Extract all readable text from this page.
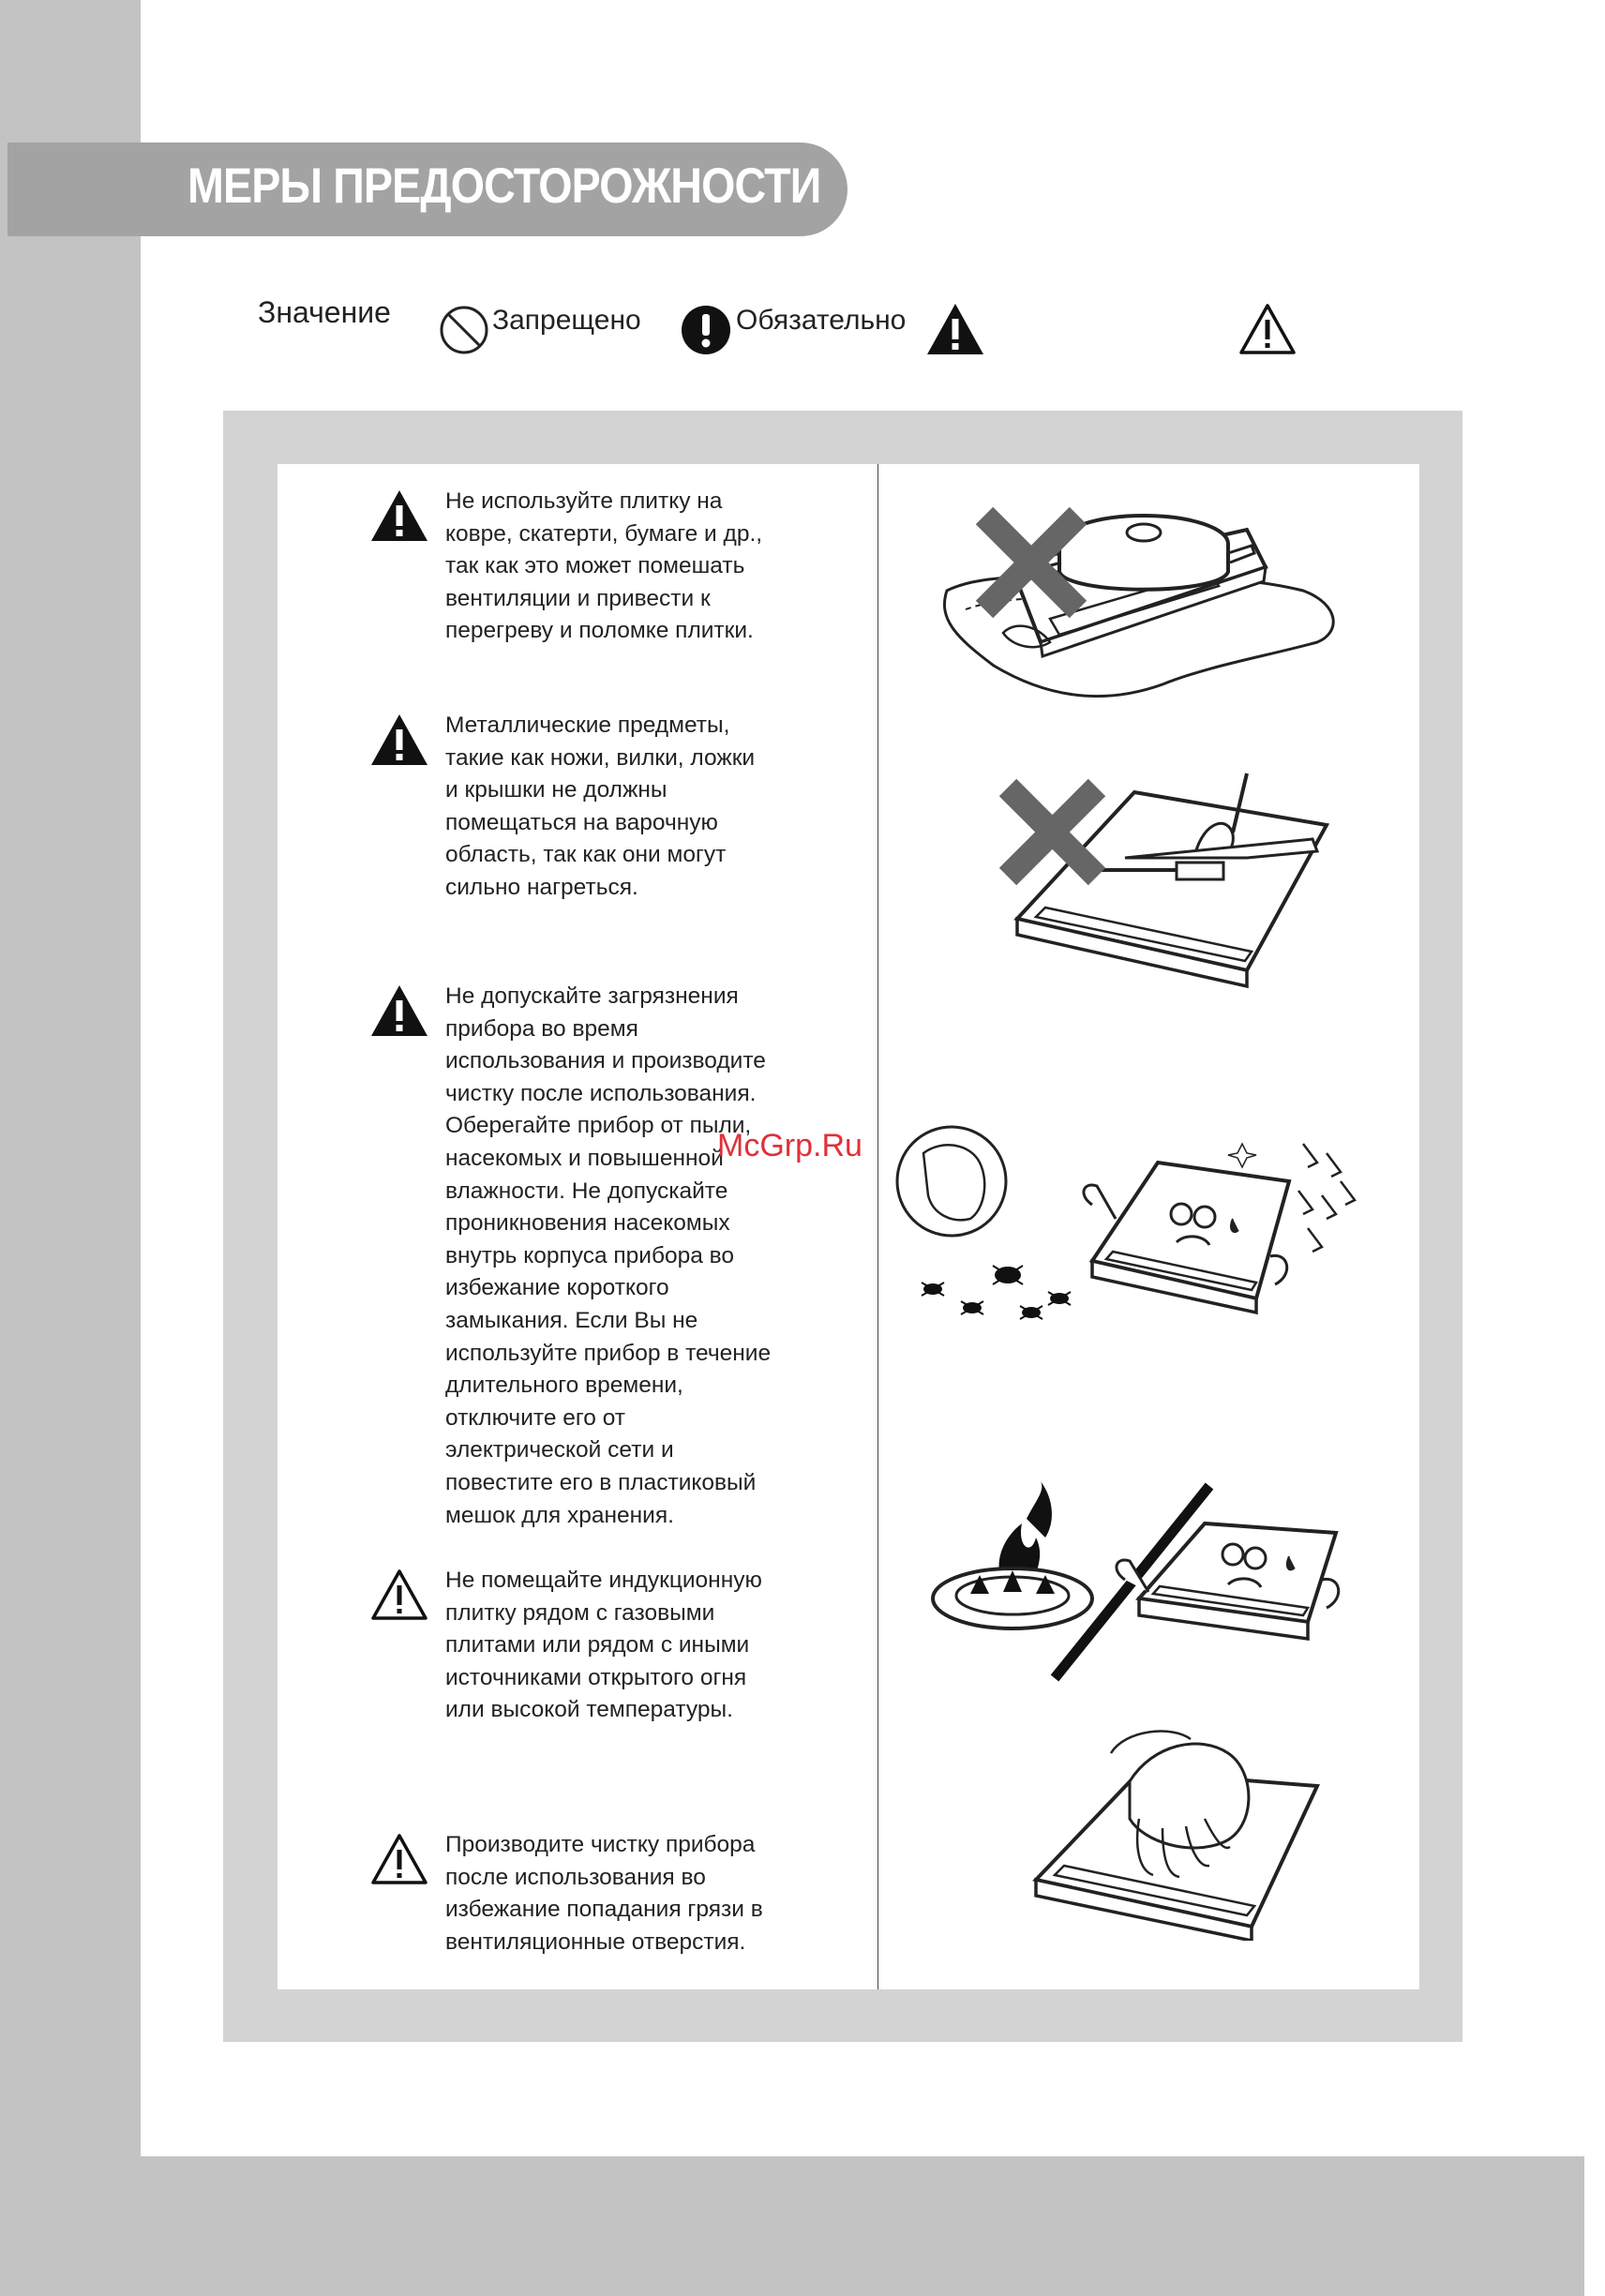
МЕРЫ ПРЕДОСТОРОЖНОСТИ
Значение	Запрещено	Обязательно
Не используйте плитку на
ковре, скатерти, бумаге и др.,
так как это может помешать
вентиляции и привести к
перегреву и поломке плитки.
Металлические предметы,
такие как ножи, вилки, ложки
и крышки не должны
помещаться на варочную
область, так как они могут
сильно нагреться.
Не допускайте загрязнения
прибора во время
использования и производите
чистку после использования.
Оберегайте прибор от пыли,
насекомых и повышенной
влажности. Не допускайте
проникновения насекомых
внутрь корпуса прибора во
избежание короткого
замыкания. Если Вы не
используйте прибор в течение
длительного времени,
отключите его от
электрической сети и
повестите его в пластиковый
мешок для хранения.
Не помещайте индукционную
плитку рядом с газовыми
плитами или рядом с иными
источниками открытого огня
или высокой температуры.
Производите чистку прибора
после использования во
избежание попадания грязи в
вентиляционные отверстия.
McGrp.Ru
